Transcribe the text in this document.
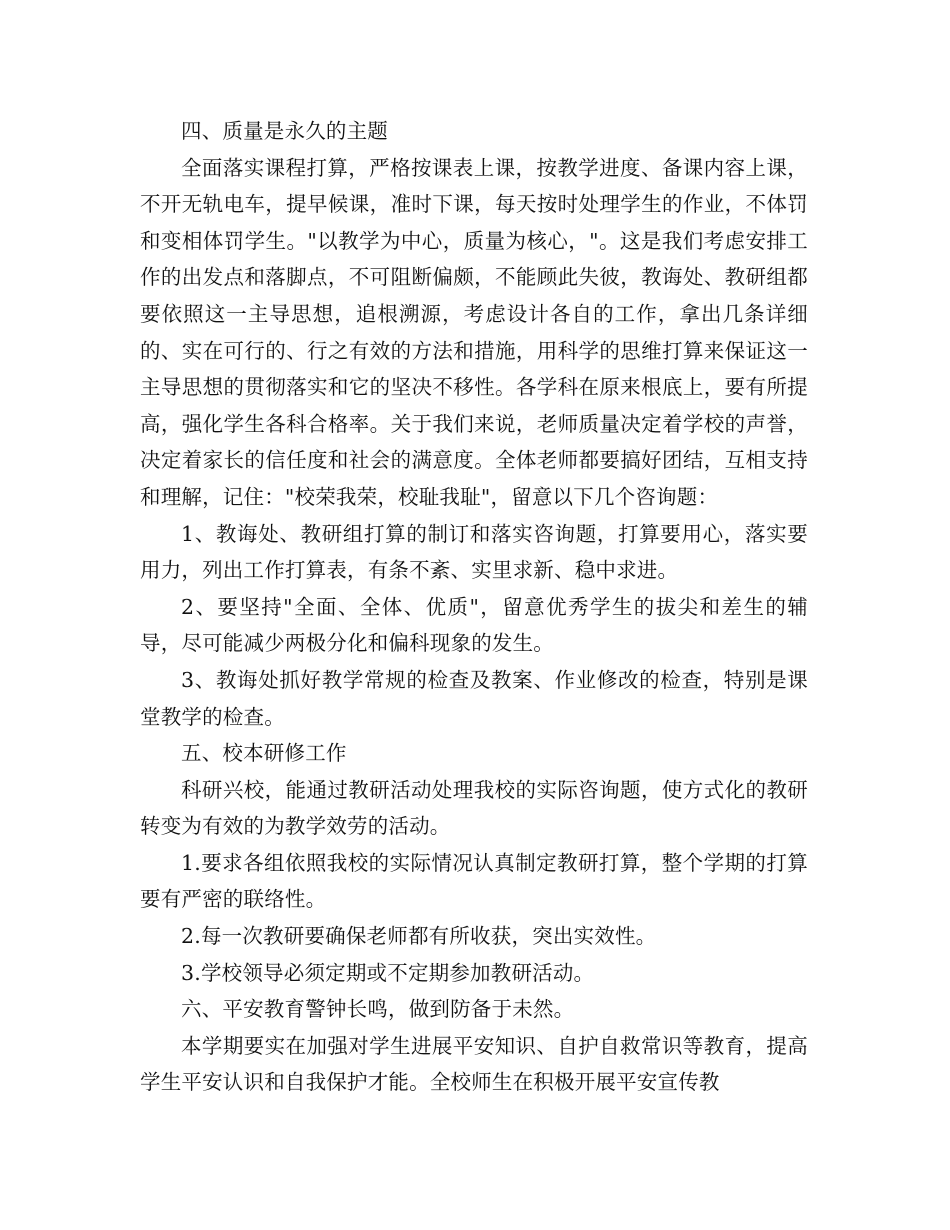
四、质量是永久的主题

全面落实课程打算，严格按课表上课，按教学进度、备课内容上课，不开无轨电车，提早候课，准时下课，每天按时处理学生的作业，不体罚和变相体罚学生。"以教学为中心，质量为核心，"。这是我们考虑安排工作的出发点和落脚点，不可阻断偏颇，不能顾此失彼，教诲处、教研组都要依照这一主导思想，追根溯源，考虑设计各自的工作，拿出几条详细的、实在可行的、行之有效的方法和措施，用科学的思维打算来保证这一主导思想的贯彻落实和它的坚决不移性。各学科在原来根底上，要有所提高，强化学生各科合格率。关于我们来说，老师质量决定着学校的声誉，决定着家长的信任度和社会的满意度。全体老师都要搞好团结，互相支持和理解，记住："校荣我荣，校耻我耻"，留意以下几个咨询题：

1、教诲处、教研组打算的制订和落实咨询题，打算要用心，落实要用力，列出工作打算表，有条不紊、实里求新、稳中求进。

2、要坚持"全面、全体、优质"，留意优秀学生的拔尖和差生的辅导，尽可能减少两极分化和偏科现象的发生。

3、教诲处抓好教学常规的检查及教案、作业修改的检查，特别是课堂教学的检查。

五、校本研修工作

科研兴校，能通过教研活动处理我校的实际咨询题，使方式化的教研转变为有效的为教学效劳的活动。

1.要求各组依照我校的实际情况认真制定教研打算，整个学期的打算要有严密的联络性。

2.每一次教研要确保老师都有所收获，突出实效性。

3.学校领导必须定期或不定期参加教研活动。

六、平安教育警钟长鸣，做到防备于未然。

本学期要实在加强对学生进展平安知识、自护自救常识等教育，提高学生平安认识和自我保护才能。全校师生在积极开展平安宣传教
